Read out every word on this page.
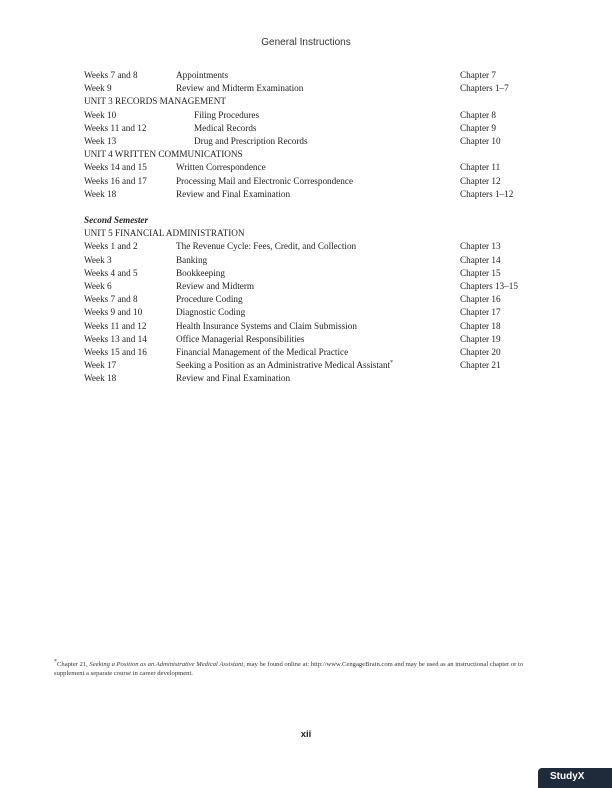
General Instructions
Weeks 7 and 8	Appointments	Chapter 7
Week 9	Review and Midterm Examination	Chapters 1–7
UNIT 3 RECORDS MANAGEMENT
Week 10	Filing Procedures	Chapter 8
Weeks 11 and 12	Medical Records	Chapter 9
Week 13	Drug and Prescription Records	Chapter 10
UNIT 4 WRITTEN COMMUNICATIONS
Weeks 14 and 15	Written Correspondence	Chapter 11
Weeks 16 and 17	Processing Mail and Electronic Correspondence	Chapter 12
Week 18	Review and Final Examination	Chapters 1–12
Second Semester
UNIT 5 FINANCIAL ADMINISTRATION
Weeks 1 and 2	The Revenue Cycle: Fees, Credit, and Collection	Chapter 13
Week 3	Banking	Chapter 14
Weeks 4 and 5	Bookkeeping	Chapter 15
Week 6	Review and Midterm	Chapters 13–15
Weeks 7 and 8	Procedure Coding	Chapter 16
Weeks 9 and 10	Diagnostic Coding	Chapter 17
Weeks 11 and 12	Health Insurance Systems and Claim Submission	Chapter 18
Weeks 13 and 14	Office Managerial Responsibilities	Chapter 19
Weeks 15 and 16	Financial Management of the Medical Practice	Chapter 20
Week 17	Seeking a Position as an Administrative Medical Assistant*	Chapter 21
Week 18	Review and Final Examination
*Chapter 21, Seeking a Position as an Administrative Medical Assistant, may be found online at: http://www.CengageBrain.com and may be used as an instructional chapter or to supplement a separate course in career development.
xii
StudyX
